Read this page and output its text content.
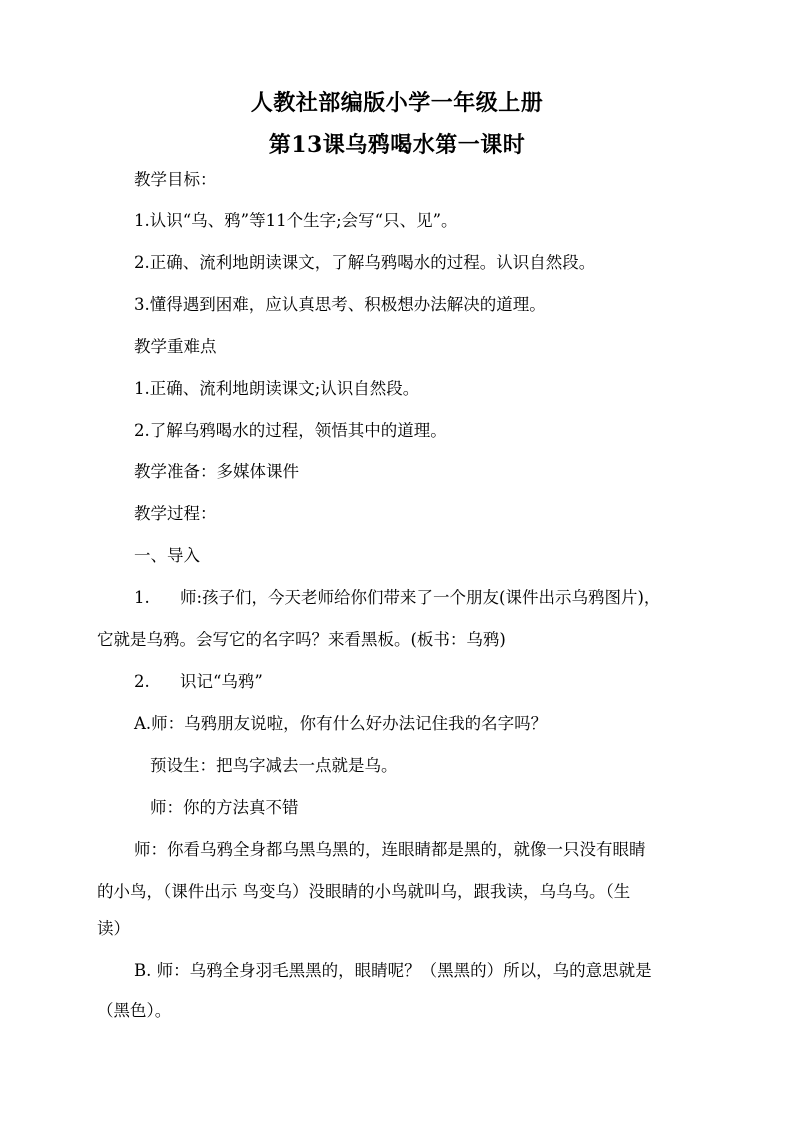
人教社部编版小学一年级上册
第13课乌鸦喝水第一课时
教学目标：
1.认识“乌、鸦”等11个生字;会写“只、见”。
2.正确、流利地朗读课文，了解乌鸦喝水的过程。认识自然段。
3.懂得遇到困难，应认真思考、积极想办法解决的道理。
教学重难点
1.正确、流利地朗读课文;认识自然段。
2.了解乌鸦喝水的过程，领悟其中的道理。
教学准备：多媒体课件
教学过程：
一、导入
1. 师:孩子们，今天老师给你们带来了一个朋友(课件出示乌鸦图片)，
它就是乌鸦。会写它的名字吗？来看黑板。(板书：乌鸦)
2. 识记“乌鸦”
A.师：乌鸦朋友说啦，你有什么好办法记住我的名字吗？
预设生：把鸟字减去一点就是乌。
师：你的方法真不错
师：你看乌鸦全身都乌黑乌黑的，连眼睛都是黑的，就像一只没有眼睛
的小鸟，（课件出示 鸟变乌）没眼睛的小鸟就叫乌，跟我读，乌乌乌。（生
读）
B. 师：乌鸦全身羽毛黑黑的，眼睛呢？（黑黑的）所以，乌的意思就是
（黑色）。
